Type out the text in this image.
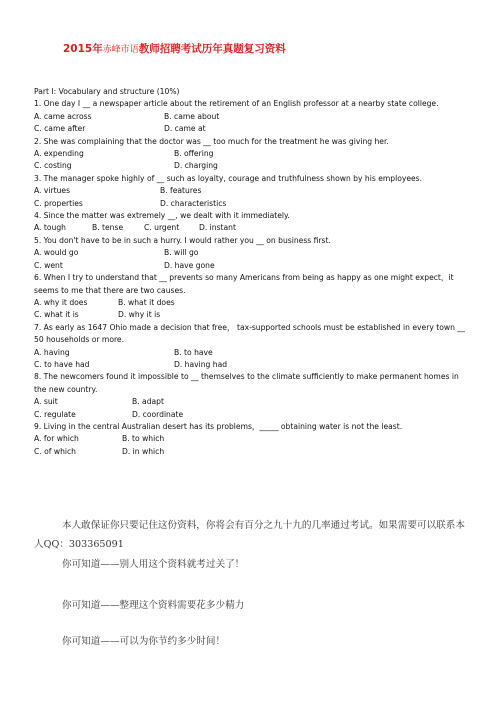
2015年赤峰市语教师招聘考试历年真题复习资料
Part I: Vocabulary and structure (10%)
1. One day I __ a newspaper article about the retirement of an English professor at a nearby state college.
A. came across	B. came about
C. came after	D. came at
2. She was complaining that the doctor was __ too much for the treatment he was giving her.
A. expending	B. offering
C. costing	D. charging
3. The manager spoke highly of __ such as loyalty, courage and truthfulness shown by his employees.
A. virtues	B. features
C. properties	D. characteristics
4. Since the matter was extremely __, we dealt with it immediately.
A. tough	B. tense	C. urgent	D. instant
5. You don't have to be in such a hurry. I would rather you __ on business first.
A. would go	B. will go
C. went	D. have gone
6. When I try to understand that __ prevents so many Americans from being as happy as one might expect，it seems to me that there are two causes.
A. why it does	B. what it does
C. what it is	D. why it is
7. As early as 1647 Ohio made a decision that free， tax-supported schools must be established in every town __ 50 households or more.
A. having	B. to have
C. to have had	D. having had
8. The newcomers found it impossible to __ themselves to the climate sufficiently to make permanent homes in the new country.
A. suit	B. adapt
C. regulate	D. coordinate
9. Living in the central Australian desert has its problems，_____ obtaining water is not the least.
A. for which	B. to which
C. of which	D. in which

本人敢保证你只要记住这份资料，你将会有百分之九十九的几率通过考试。如果需要可以联系本人QQ：303365091

你可知道——别人用这个资料就考过关了！

你可知道——整理这个资料需要花多少精力

你可知道——可以为你节约多少时间！
